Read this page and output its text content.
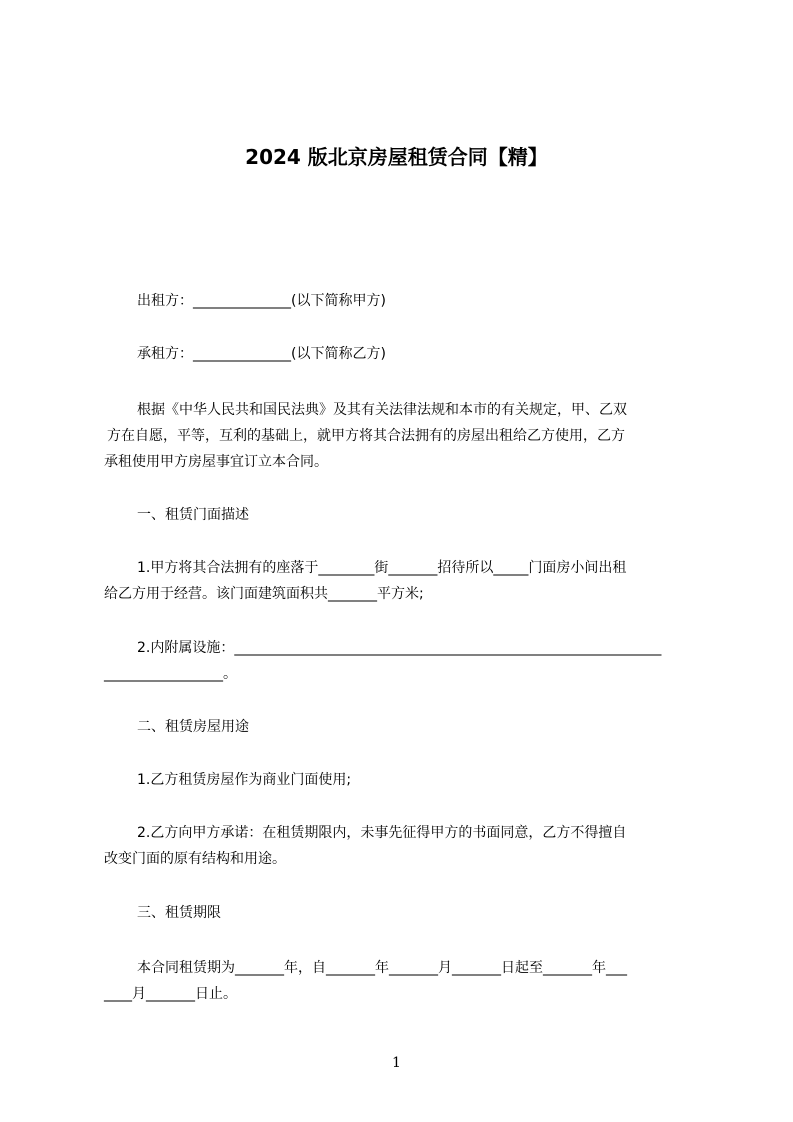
2024 版北京房屋租赁合同【精】
出租方：______________(以下简称甲方)
承租方：______________(以下简称乙方)
根据《中华人民共和国民法典》及其有关法律法规和本市的有关规定，甲、乙双
方在自愿，平等，互利的基础上，就甲方将其合法拥有的房屋出租给乙方使用，乙方
承租使用甲方房屋事宜订立本合同。
一、租赁门面描述
1.甲方将其合法拥有的座落于________街_______招待所以_____门面房小间出租
给乙方用于经营。该门面建筑面积共_______平方米;
2.内附属设施：_____________________________________________________________
_________________。
二、租赁房屋用途
1.乙方租赁房屋作为商业门面使用;
2.乙方向甲方承诺：在租赁期限内，未事先征得甲方的书面同意，乙方不得擅自
改变门面的原有结构和用途。
三、租赁期限
本合同租赁期为_______年，自_______年_______月_______日起至_______年___
____月_______日止。
1
